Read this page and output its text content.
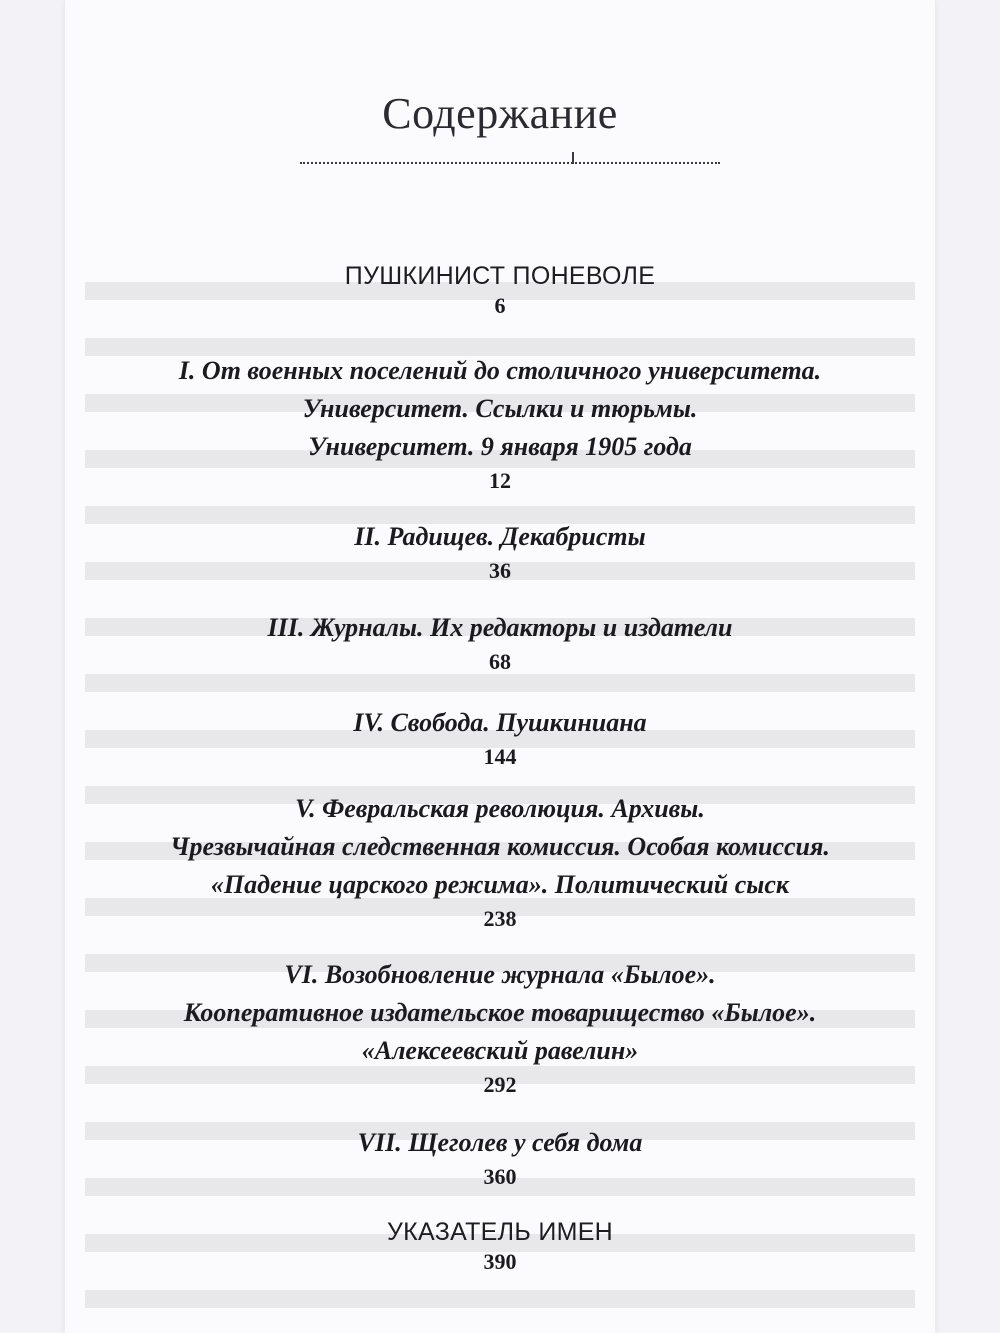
Содержание
ПУШКИНИСТ ПОНЕВОЛЕ
6
I. От военных поселений до столичного университета.
Университет. Ссылки и тюрьмы.
Университет. 9 января 1905 года
12
II. Радищев. Декабристы
36
III. Журналы. Их редакторы и издатели
68
IV. Свобода. Пушкиниана
144
V. Февральская революция. Архивы.
Чрезвычайная следственная комиссия. Особая комиссия.
«Падение царского режима». Политический сыск
238
VI. Возобновление журнала «Былое».
Кооперативное издательское товарищество «Былое».
«Алексеевский равелин»
292
VII. Щеголев у себя дома
360
УКАЗАТЕЛЬ ИМЕН
390
